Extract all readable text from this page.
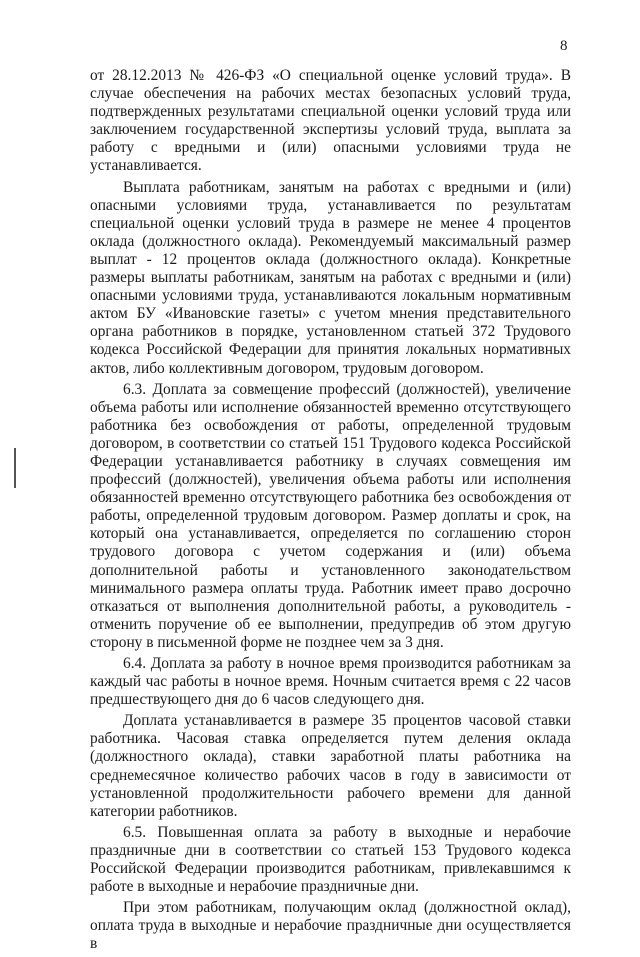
8

от 28.12.2013 № 426-ФЗ «О специальной оценке условий труда». В случае обеспечения на рабочих местах безопасных условий труда, подтвержденных результатами специальной оценки условий труда или заключением государственной экспертизы условий труда, выплата за работу с вредными и (или) опасными условиями труда не устанавливается.

Выплата работникам, занятым на работах с вредными и (или) опасными условиями труда, устанавливается по результатам специальной оценки условий труда в размере не менее 4 процентов оклада (должностного оклада). Рекомендуемый максимальный размер выплат - 12 процентов оклада (должностного оклада). Конкретные размеры выплаты работникам, занятым на работах с вредными и (или) опасными условиями труда, устанавливаются локальным нормативным актом БУ «Ивановские газеты» с учетом мнения представительного органа работников в порядке, установленном статьей 372 Трудового кодекса Российской Федерации для принятия локальных нормативных актов, либо коллективным договором, трудовым договором.

6.3. Доплата за совмещение профессий (должностей), увеличение объема работы или исполнение обязанностей временно отсутствующего работника без освобождения от работы, определенной трудовым договором, в соответствии со статьей 151 Трудового кодекса Российской Федерации устанавливается работнику в случаях совмещения им профессий (должностей), увеличения объема работы или исполнения обязанностей временно отсутствующего работника без освобождения от работы, определенной трудовым договором. Размер доплаты и срок, на который она устанавливается, определяется по соглашению сторон трудового договора с учетом содержания и (или) объема дополнительной работы и установленного законодательством минимального размера оплаты труда. Работник имеет право досрочно отказаться от выполнения дополнительной работы, а руководитель - отменить поручение об ее выполнении, предупредив об этом другую сторону в письменной форме не позднее чем за 3 дня.

6.4. Доплата за работу в ночное время производится работникам за каждый час работы в ночное время. Ночным считается время с 22 часов предшествующего дня до 6 часов следующего дня.

Доплата устанавливается в размере 35 процентов часовой ставки работника. Часовая ставка определяется путем деления оклада (должностного оклада), ставки заработной платы работника на среднемесячное количество рабочих часов в году в зависимости от установленной продолжительности рабочего времени для данной категории работников.

6.5. Повышенная оплата за работу в выходные и нерабочие праздничные дни в соответствии со статьей 153 Трудового кодекса Российской Федерации производится работникам, привлекавшимся к работе в выходные и нерабочие праздничные дни.

При этом работникам, получающим оклад (должностной оклад), оплата труда в выходные и нерабочие праздничные дни осуществляется в
